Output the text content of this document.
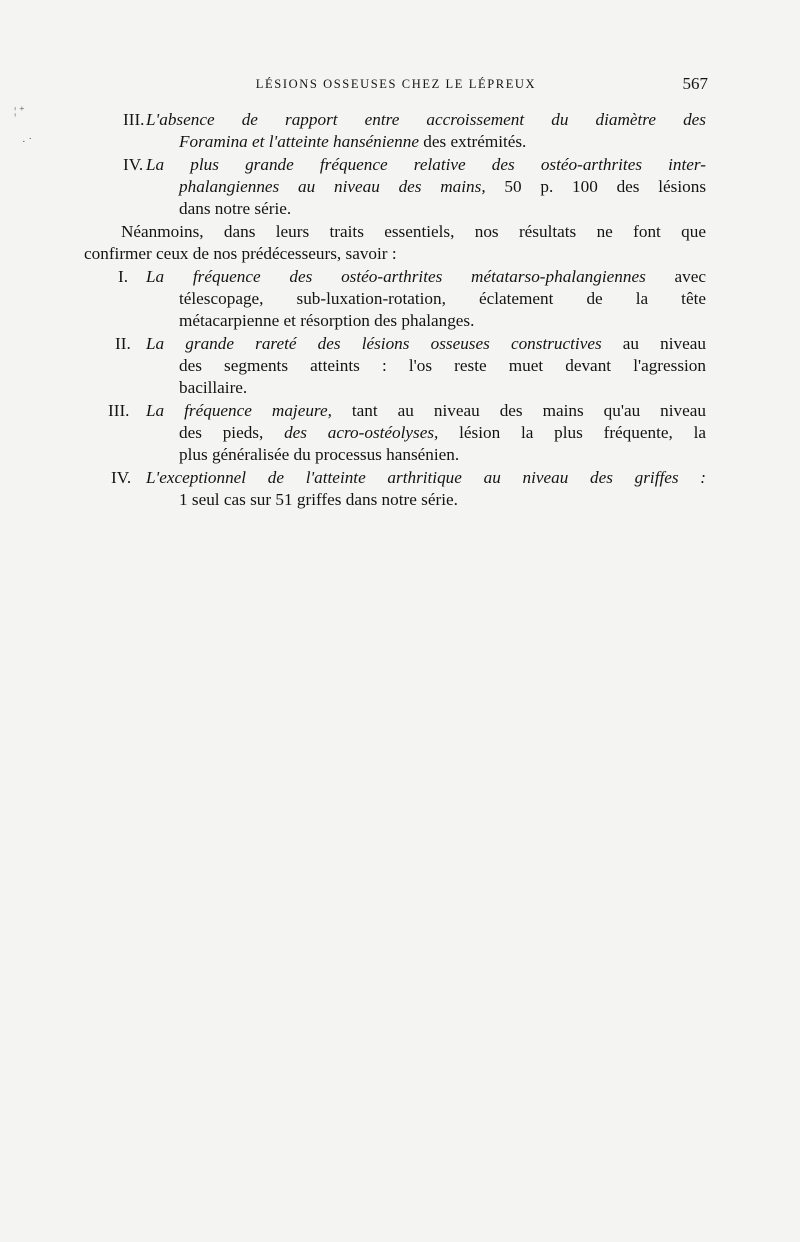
¦ ⁺
· ˙
LÉSIONS OSSEUSES CHEZ LE LÉPREUX	567
III. L'absence de rapport entre accroissement du diamètre des
Foramina et l'atteinte hansénienne des extrémités.
IV. La plus grande fréquence relative des ostéo-arthrites inter-
phalangiennes au niveau des mains, 50 p. 100 des lésions
dans notre série.
Néanmoins, dans leurs traits essentiels, nos résultats ne font que
confirmer ceux de nos prédécesseurs, savoir :
I. La fréquence des ostéo-arthrites métatarso-phalangiennes avec
télescopage, sub-luxation-rotation, éclatement de la tête
métacarpienne et résorption des phalanges.
II. La grande rareté des lésions osseuses constructives au niveau
des segments atteints : l'os reste muet devant l'agression
bacillaire.
III. La fréquence majeure, tant au niveau des mains qu'au niveau
des pieds, des acro-ostéolyses, lésion la plus fréquente, la
plus généralisée du processus hansénien.
IV. L'exceptionnel de l'atteinte arthritique au niveau des griffes :
1 seul cas sur 51 griffes dans notre série.
